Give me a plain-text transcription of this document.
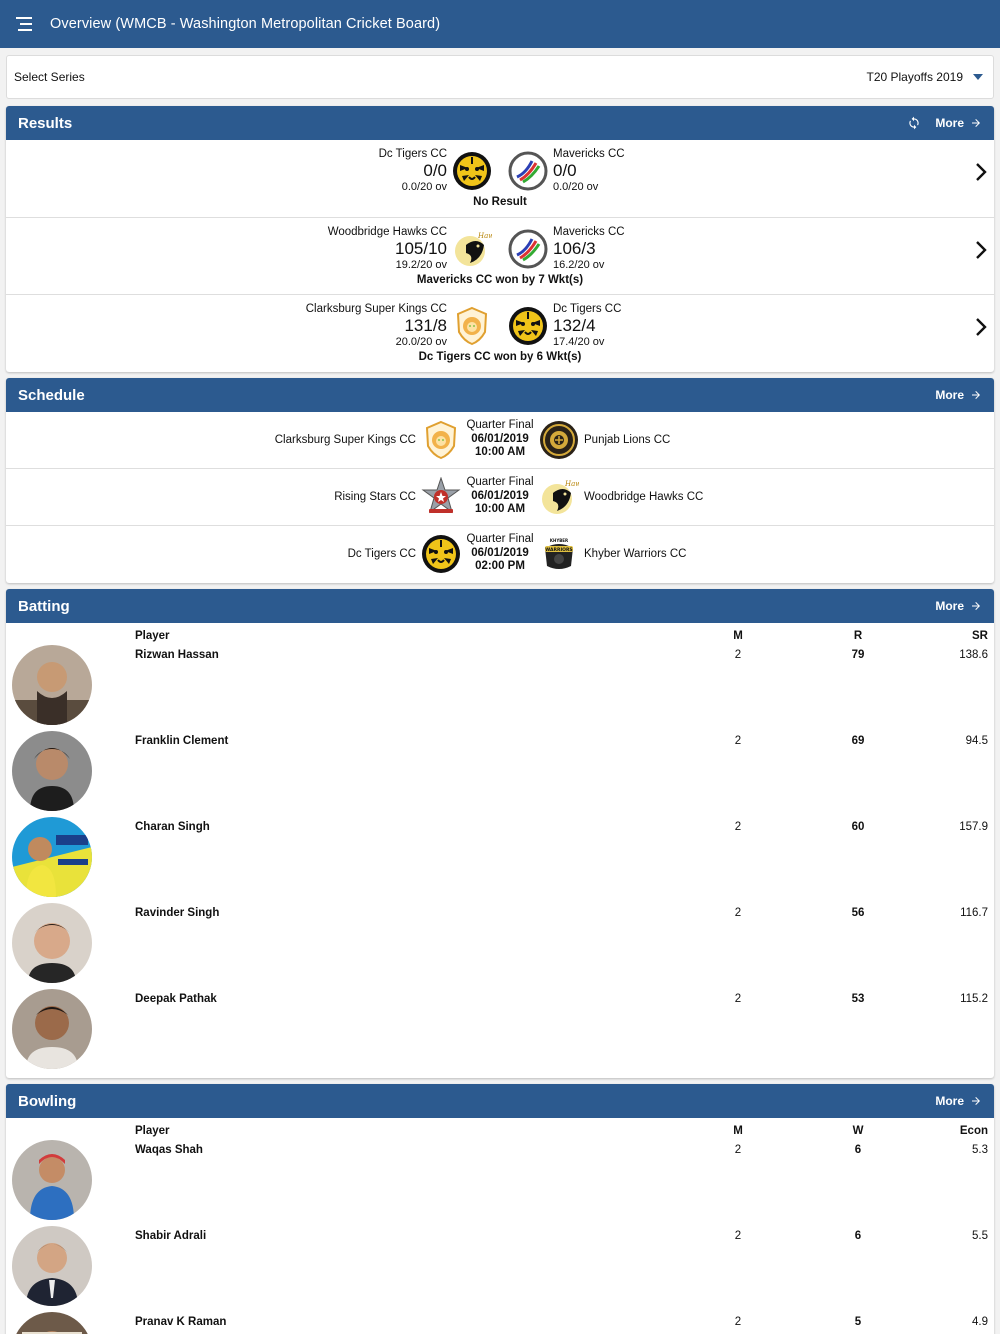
Overview (WMCB - Washington Metropolitan Cricket Board)
Select Series	T20 Playoffs 2019
Results	More
Dc Tigers CC
0/0
0.0/20 ov
Mavericks CC
0/0
0.0/20 ov
No Result
Woodbridge Hawks CC
105/10
19.2/20 ov
Mavericks CC
106/3
16.2/20 ov
Mavericks CC won by 7 Wkt(s)
Clarksburg Super Kings CC
131/8
20.0/20 ov
Dc Tigers CC
132/4
17.4/20 ov
Dc Tigers CC won by 6 Wkt(s)
Schedule	More
Clarksburg Super Kings CC
Quarter Final
06/01/2019
10:00 AM
Punjab Lions CC
Rising Stars CC
Quarter Final
06/01/2019
10:00 AM
Woodbridge Hawks CC
Dc Tigers CC
Quarter Final
06/01/2019
02:00 PM
Khyber Warriors CC
Batting	More
Player	M	R	SR
Rizwan Hassan	2	79	138.6
Franklin Clement	2	69	94.5
Charan Singh	2	60	157.9
Ravinder Singh	2	56	116.7
Deepak Pathak	2	53	115.2
Bowling	More
Player	M	W	Econ
Waqas Shah	2	6	5.3
Shabir Adrali	2	6	5.5
Pranav K Raman	2	5	4.9
